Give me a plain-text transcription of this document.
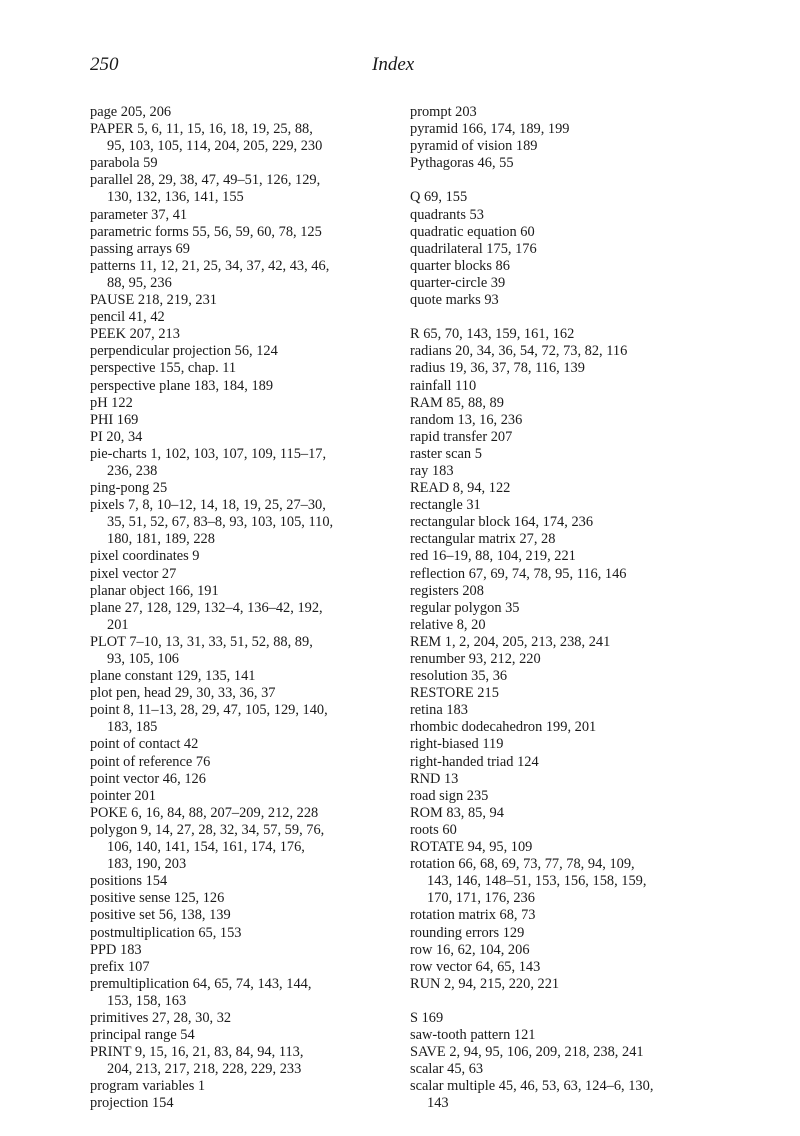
250	Index
page 205, 206
PAPER 5, 6, 11, 15, 16, 18, 19, 25, 88,
95, 103, 105, 114, 204, 205, 229, 230
parabola 59
parallel 28, 29, 38, 47, 49–51, 126, 129,
130, 132, 136, 141, 155
parameter 37, 41
parametric forms 55, 56, 59, 60, 78, 125
passing arrays 69
patterns 11, 12, 21, 25, 34, 37, 42, 43, 46,
88, 95, 236
PAUSE 218, 219, 231
pencil 41, 42
PEEK 207, 213
perpendicular projection 56, 124
perspective 155, chap. 11
perspective plane 183, 184, 189
pH 122
PHI 169
PI 20, 34
pie-charts 1, 102, 103, 107, 109, 115–17,
236, 238
ping-pong 25
pixels 7, 8, 10–12, 14, 18, 19, 25, 27–30,
35, 51, 52, 67, 83–8, 93, 103, 105, 110,
180, 181, 189, 228
pixel coordinates 9
pixel vector 27
planar object 166, 191
plane 27, 128, 129, 132–4, 136–42, 192,
201
PLOT 7–10, 13, 31, 33, 51, 52, 88, 89,
93, 105, 106
plane constant 129, 135, 141
plot pen, head 29, 30, 33, 36, 37
point 8, 11–13, 28, 29, 47, 105, 129, 140,
183, 185
point of contact 42
point of reference 76
point vector 46, 126
pointer 201
POKE 6, 16, 84, 88, 207–209, 212, 228
polygon 9, 14, 27, 28, 32, 34, 57, 59, 76,
106, 140, 141, 154, 161, 174, 176,
183, 190, 203
positions 154
positive sense 125, 126
positive set 56, 138, 139
postmultiplication 65, 153
PPD 183
prefix 107
premultiplication 64, 65, 74, 143, 144,
153, 158, 163
primitives 27, 28, 30, 32
principal range 54
PRINT 9, 15, 16, 21, 83, 84, 94, 113,
204, 213, 217, 218, 228, 229, 233
program variables 1
projection 154
prompt 203
pyramid 166, 174, 189, 199
pyramid of vision 189
Pythagoras 46, 55
Q 69, 155
quadrants 53
quadratic equation 60
quadrilateral 175, 176
quarter blocks 86
quarter-circle 39
quote marks 93
R 65, 70, 143, 159, 161, 162
radians 20, 34, 36, 54, 72, 73, 82, 116
radius 19, 36, 37, 78, 116, 139
rainfall 110
RAM 85, 88, 89
random 13, 16, 236
rapid transfer 207
raster scan 5
ray 183
READ 8, 94, 122
rectangle 31
rectangular block 164, 174, 236
rectangular matrix 27, 28
red 16–19, 88, 104, 219, 221
reflection 67, 69, 74, 78, 95, 116, 146
registers 208
regular polygon 35
relative 8, 20
REM 1, 2, 204, 205, 213, 238, 241
renumber 93, 212, 220
resolution 35, 36
RESTORE 215
retina 183
rhombic dodecahedron 199, 201
right-biased 119
right-handed triad 124
RND 13
road sign 235
ROM 83, 85, 94
roots 60
ROTATE 94, 95, 109
rotation 66, 68, 69, 73, 77, 78, 94, 109,
143, 146, 148–51, 153, 156, 158, 159,
170, 171, 176, 236
rotation matrix 68, 73
rounding errors 129
row 16, 62, 104, 206
row vector 64, 65, 143
RUN 2, 94, 215, 220, 221
S 169
saw-tooth pattern 121
SAVE 2, 94, 95, 106, 209, 218, 238, 241
scalar 45, 63
scalar multiple 45, 46, 53, 63, 124–6, 130,
143
